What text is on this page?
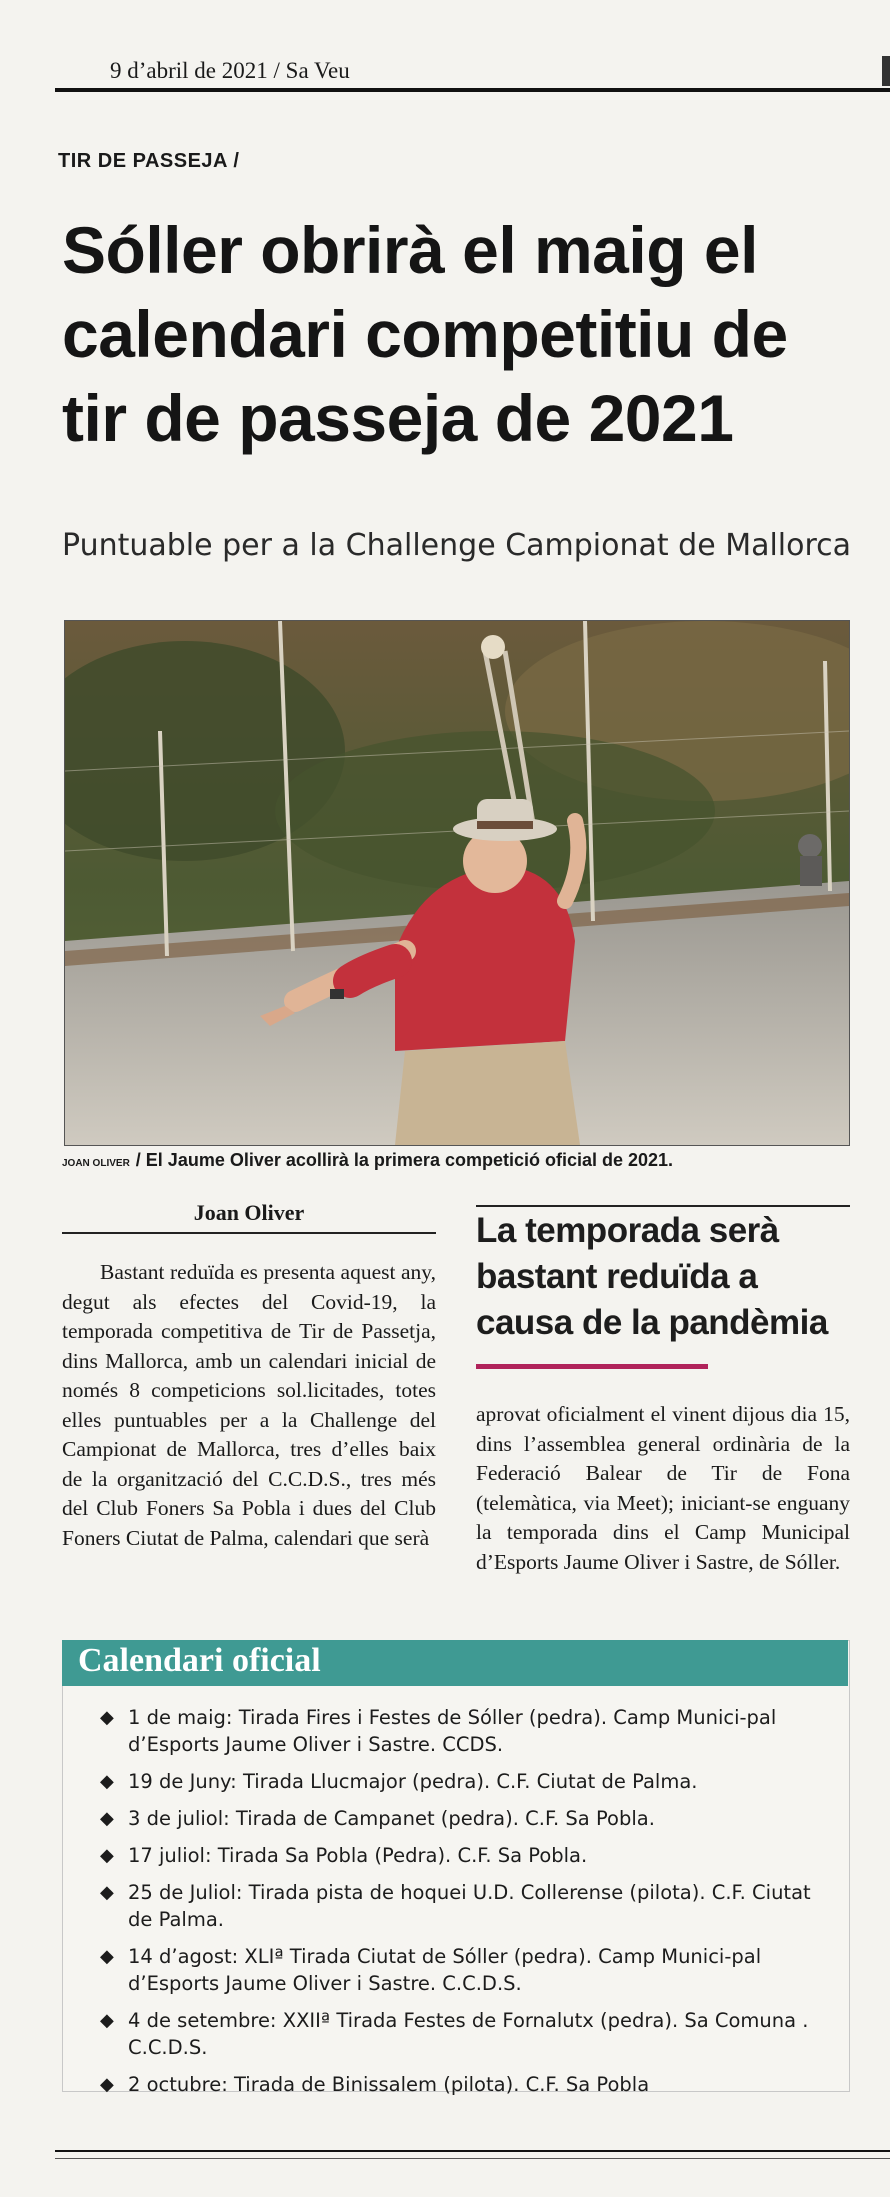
9 d’abril de 2021 / Sa Veu
TIR DE PASSEJA /
Sóller obrirà el maig el
calendari competitiu de
tir de passeja de 2021
Puntuable per a la Challenge Campionat de Mallorca
JOAN OLIVER / El Jaume Oliver acollirà la primera competició oficial de 2021.
Joan Oliver

Bastant reduïda es presenta aquest any, degut als efectes del Covid-19, la temporada competitiva de Tir de Passetja, dins Mallorca, amb un calendari inicial de només 8 competicions sol.licitades, totes elles puntuables per a la Challenge del Campionat de Mallorca, tres d’elles baix de la organització del C.C.D.S., tres més del Club Foners Sa Pobla i dues del Club Foners Ciutat de Palma, calendari que serà

La temporada serà
bastant reduïda a
causa de la pandèmia

aprovat oficialment el vinent dijous dia 15, dins l’assemblea general ordinària de la Federació Balear de Tir de Fona (telemàtica, via Meet); iniciant-se enguany la temporada dins el Camp Municipal d’Esports Jaume Oliver i Sastre, de Sóller.

Calendari oficial
◆ 1 de maig: Tirada Fires i Festes de Sóller (pedra). Camp Munici-pal d’Esports Jaume Oliver i Sastre. CCDS.
◆ 19 de Juny: Tirada Llucmajor (pedra). C.F. Ciutat de Palma.
◆ 3 de juliol: Tirada de Campanet (pedra). C.F. Sa Pobla.
◆ 17 juliol: Tirada Sa Pobla (Pedra). C.F. Sa Pobla.
◆ 25 de Juliol: Tirada pista de hoquei U.D. Collerense (pilota). C.F. Ciutat de Palma.
◆ 14 d’agost: XLIª Tirada Ciutat de Sóller (pedra). Camp Munici-pal d’Esports Jaume Oliver i Sastre. C.C.D.S.
◆ 4 de setembre: XXIIª Tirada Festes de Fornalutx (pedra). Sa Comuna . C.C.D.S.
◆ 2 octubre: Tirada de Binissalem (pilota). C.F. Sa Pobla
